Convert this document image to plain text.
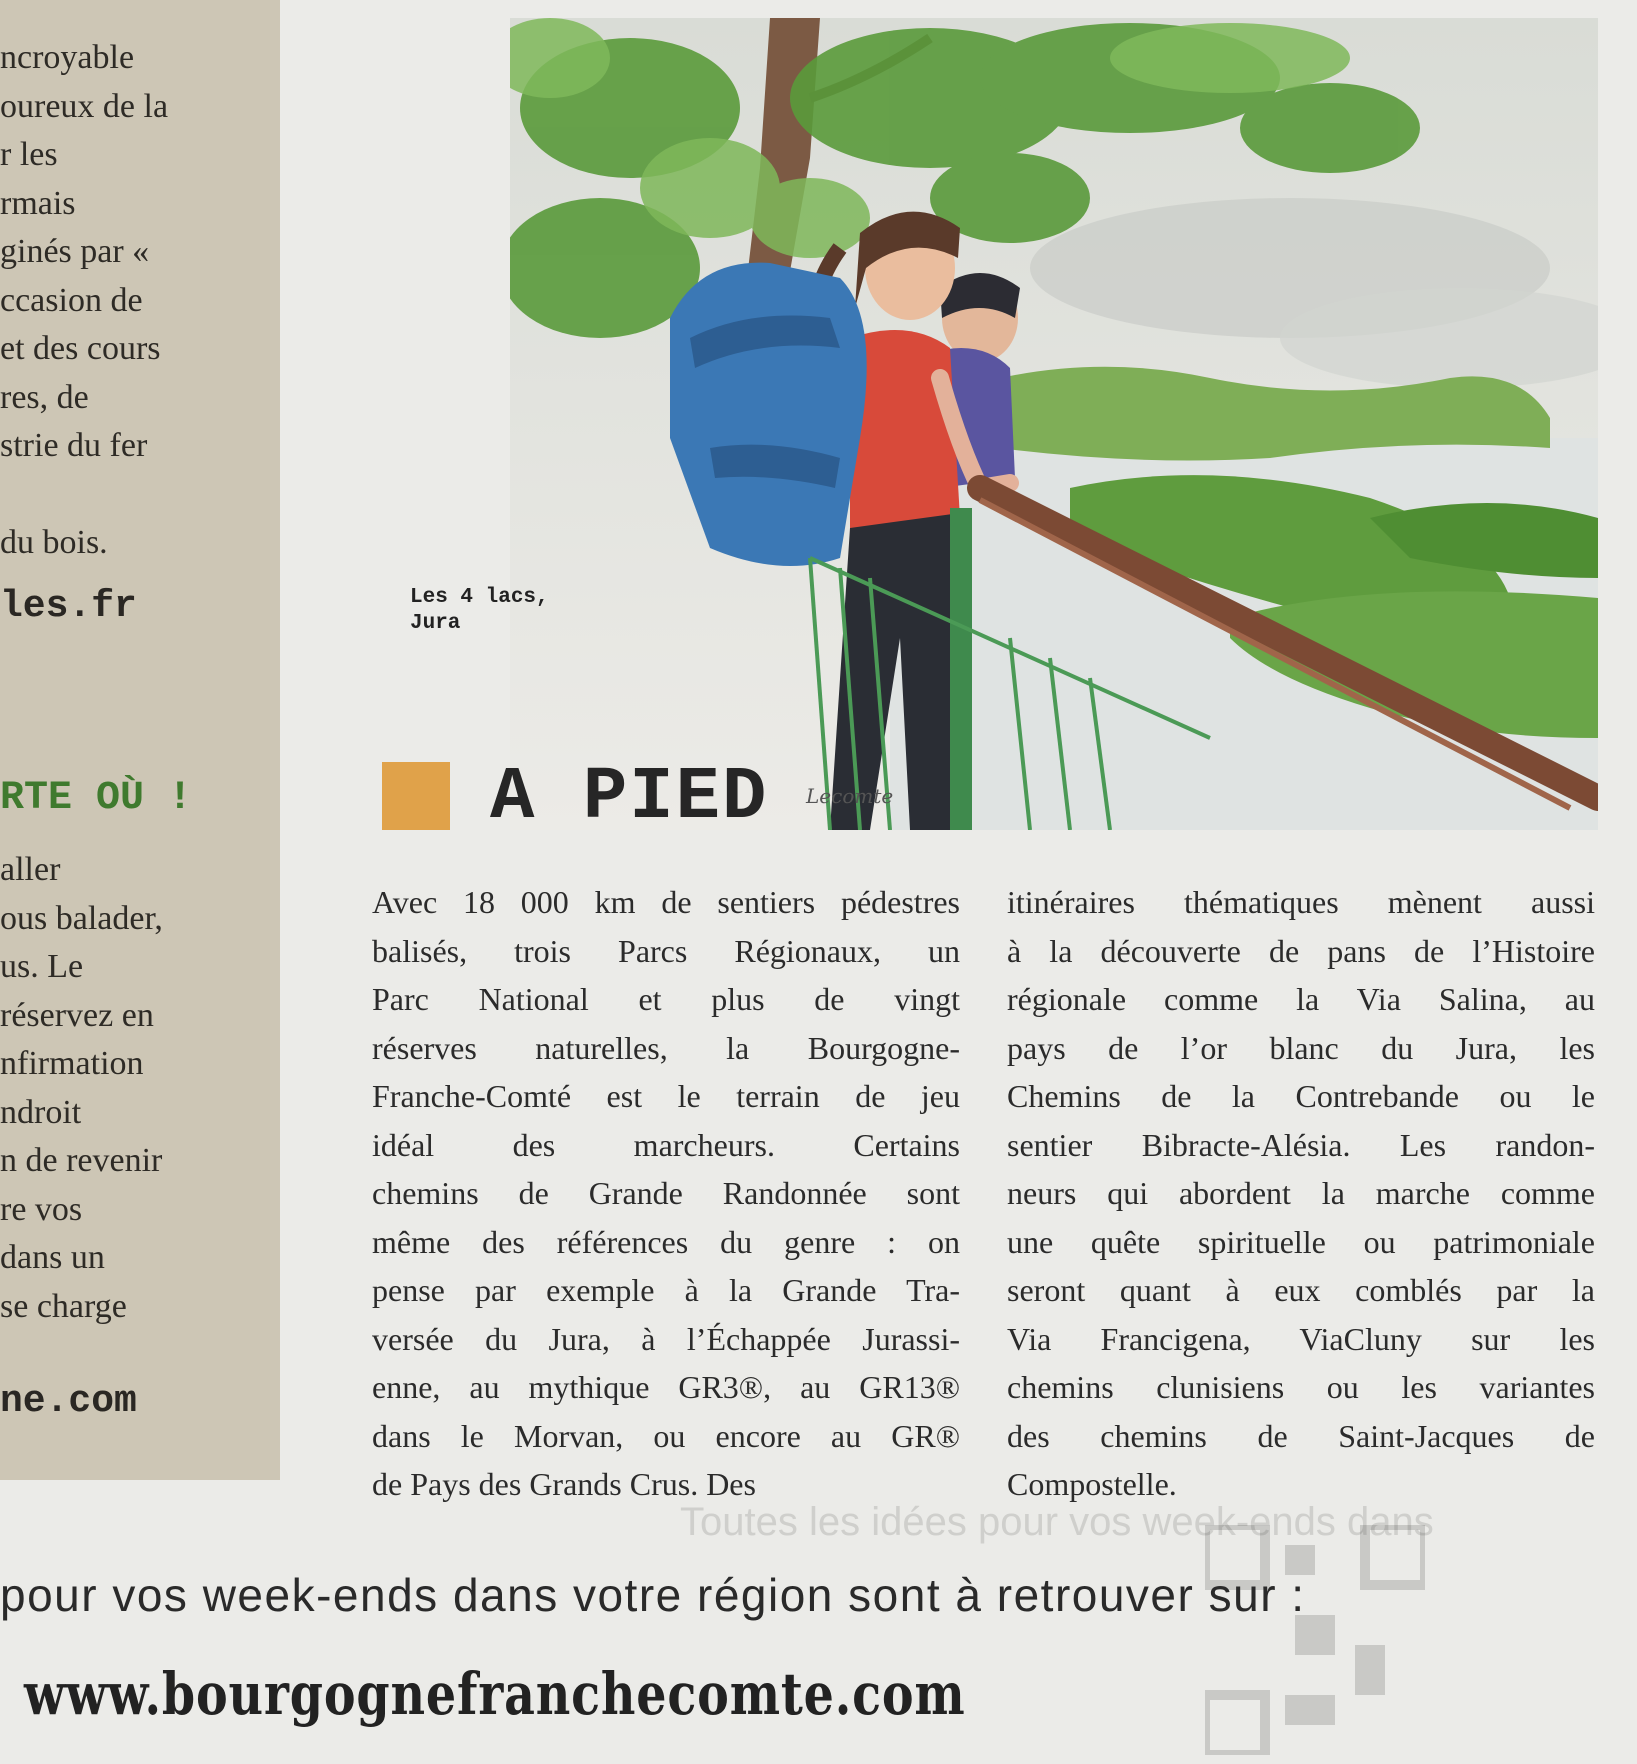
ncroyable
oureux de la
r les
rmais
ginés par «
ccasion de
et des cours
res, de
strie du fer
du bois.
les.fr
RTE OÙ !
aller
ous balader,
us. Le
réservez en
nfirmation
ndroit
n de revenir
re vos
dans un
se charge
ne.com
Les 4 lacs,
Jura
A PIED Lecomte
Avec 18 000 km de sentiers pédestres
balisés, trois Parcs Régionaux, un
Parc National et plus de vingt
réserves naturelles, la Bourgogne-
Franche-Comté est le terrain de jeu
idéal des marcheurs. Certains
chemins de Grande Randonnée sont
même des références du genre : on
pense par exemple à la Grande Tra-
versée du Jura, à l’Échappée Jurassi-
enne, au mythique GR3®, au GR13®
dans le Morvan, ou encore au GR®
de Pays des Grands Crus. Des
itinéraires thématiques mènent aussi
à la découverte de pans de l’Histoire
régionale comme la Via Salina, au
pays de l’or blanc du Jura, les
Chemins de la Contrebande ou le
sentier Bibracte-Alésia. Les randon-
neurs qui abordent la marche comme
une quête spirituelle ou patrimoniale
seront quant à eux comblés par la
Via Francigena, ViaCluny sur les
chemins clunisiens ou les variantes
des chemins de Saint-Jacques de
Compostelle.
Toutes les idées pour vos week-ends dans
pour vos week-ends dans votre région sont à retrouver sur :
www.bourgognefranchecomte.com
